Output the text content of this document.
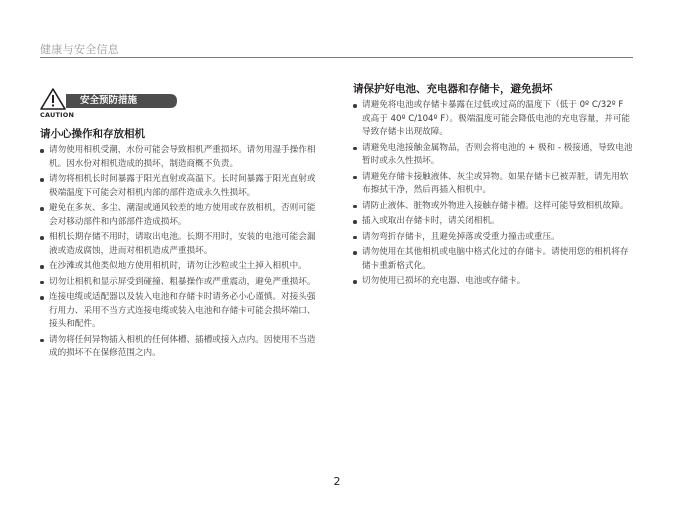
健康与安全信息
安全预防措施
CAUTION
请小心操作和存放相机
请勿使用相机受潮，水份可能会导致相机严重损坏。请勿用湿手操作相机。因水份对相机造成的损坏，制造商概不负责。
请勿将相机长时间暴露于阳光直射或高温下。长时间暴露于阳光直射或极端温度下可能会对相机内部的部件造成永久性损坏。
避免在多灰、多尘、潮湿或通风较差的地方使用或存放相机，否则可能会对移动部件和内部部件造成损坏。
相机长期存储不用时，请取出电池。长期不用时，安装的电池可能会漏液或造成腐蚀，进而对相机造成严重损坏。
在沙滩或其他类似地方使用相机时，请勿让沙粒或尘土掉入相机中。
切勿让相机和显示屏受到碰撞、粗暴操作或严重震动，避免严重损坏。
连接电缆或适配器以及装入电池和存储卡时请务必小心谨慎。对接头强行用力、采用不当方式连接电缆或装入电池和存储卡可能会损坏端口、接头和配件。
请勿将任何异物插入相机的任何体槽、插槽或接入点内。因使用不当造成的损坏不在保修范围之内。
请保护好电池、充电器和存储卡，避免损坏
请避免将电池或存储卡暴露在过低或过高的温度下（低于 0º C/32º F 或高于 40º C/104º F）。极端温度可能会降低电池的充电容量，并可能导致存储卡出现故障。
请避免电池接触金属物品，否则会将电池的 + 极和 - 极接通，导致电池暂时或永久性损坏。
请避免存储卡接触液体、灰尘或异物。如果存储卡已被弄脏，请先用软布擦拭干净，然后再插入相机中。
请防止液体、脏物或外物进入接触存储卡槽。这样可能导致相机故障。
插入或取出存储卡时，请关闭相机。
请勿弯折存储卡，且避免掉落或受重力撞击或重压。
请勿使用在其他相机或电脑中格式化过的存储卡。请使用您的相机将存储卡重新格式化。
切勿使用已损坏的充电器、电池或存储卡。
2
